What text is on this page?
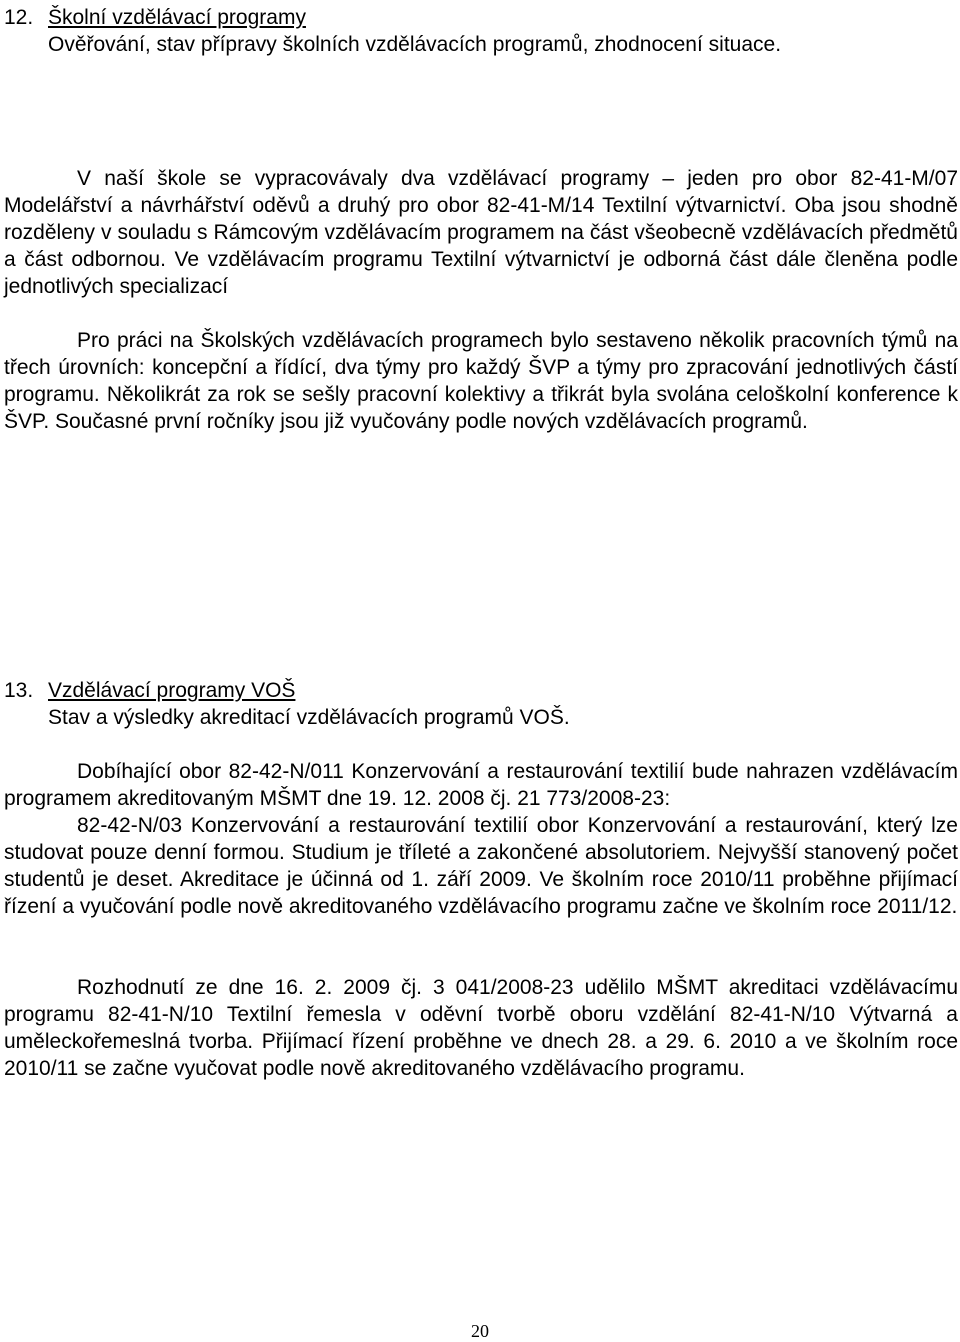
12. Školní vzdělávací programy

Ověřování, stav přípravy školních vzdělávacích programů, zhodnocení situace.

V naší škole se vypracovávaly dva vzdělávací programy – jeden pro obor 82-41-M/07 Modelářství a návrhářství oděvů a druhý pro obor 82-41-M/14 Textilní výtvarnictví. Oba jsou shodně rozděleny v souladu s Rámcovým vzdělávacím programem na část všeobecně vzdělávacích předmětů a část odbornou. Ve vzdělávacím programu Textilní výtvarnictví je odborná část dále členěna podle jednotlivých specializací

Pro práci na Školských vzdělávacích programech bylo sestaveno několik pracovních týmů na třech úrovních: koncepční a řídící, dva týmy pro každý ŠVP a týmy pro zpracování jednotlivých částí programu. Několikrát za rok se sešly pracovní kolektivy a třikrát byla svolána celoškolní konference k ŠVP. Současné první ročníky jsou již vyučovány podle nových vzdělávacích programů.

13. Vzdělávací programy VOŠ

Stav a výsledky akreditací vzdělávacích programů VOŠ.

Dobíhající obor 82-42-N/011 Konzervování a restaurování textilií bude nahrazen vzdělávacím programem akreditovaným MŠMT dne 19. 12. 2008 čj. 21 773/2008-23:

82-42-N/03 Konzervování a restaurování textilií obor Konzervování a restaurování, který lze studovat pouze denní formou. Studium je tříleté a zakončené absolutoriem. Nejvyšší stanovený počet studentů je deset. Akreditace je účinná od 1. září 2009. Ve školním roce 2010/11 proběhne přijímací řízení a vyučování podle nově akreditovaného vzdělávacího programu začne ve školním roce 2011/12.

Rozhodnutí ze dne 16. 2. 2009 čj. 3 041/2008-23 udělilo MŠMT akreditaci vzdělávacímu programu 82-41-N/10 Textilní řemesla v oděvní tvorbě oboru vzdělání 82-41-N/10 Výtvarná a uměleckořemeslná tvorba. Přijímací řízení proběhne ve dnech 28. a 29. 6. 2010 a ve školním roce 2010/11 se začne vyučovat podle nově akreditovaného vzdělávacího programu.

20
